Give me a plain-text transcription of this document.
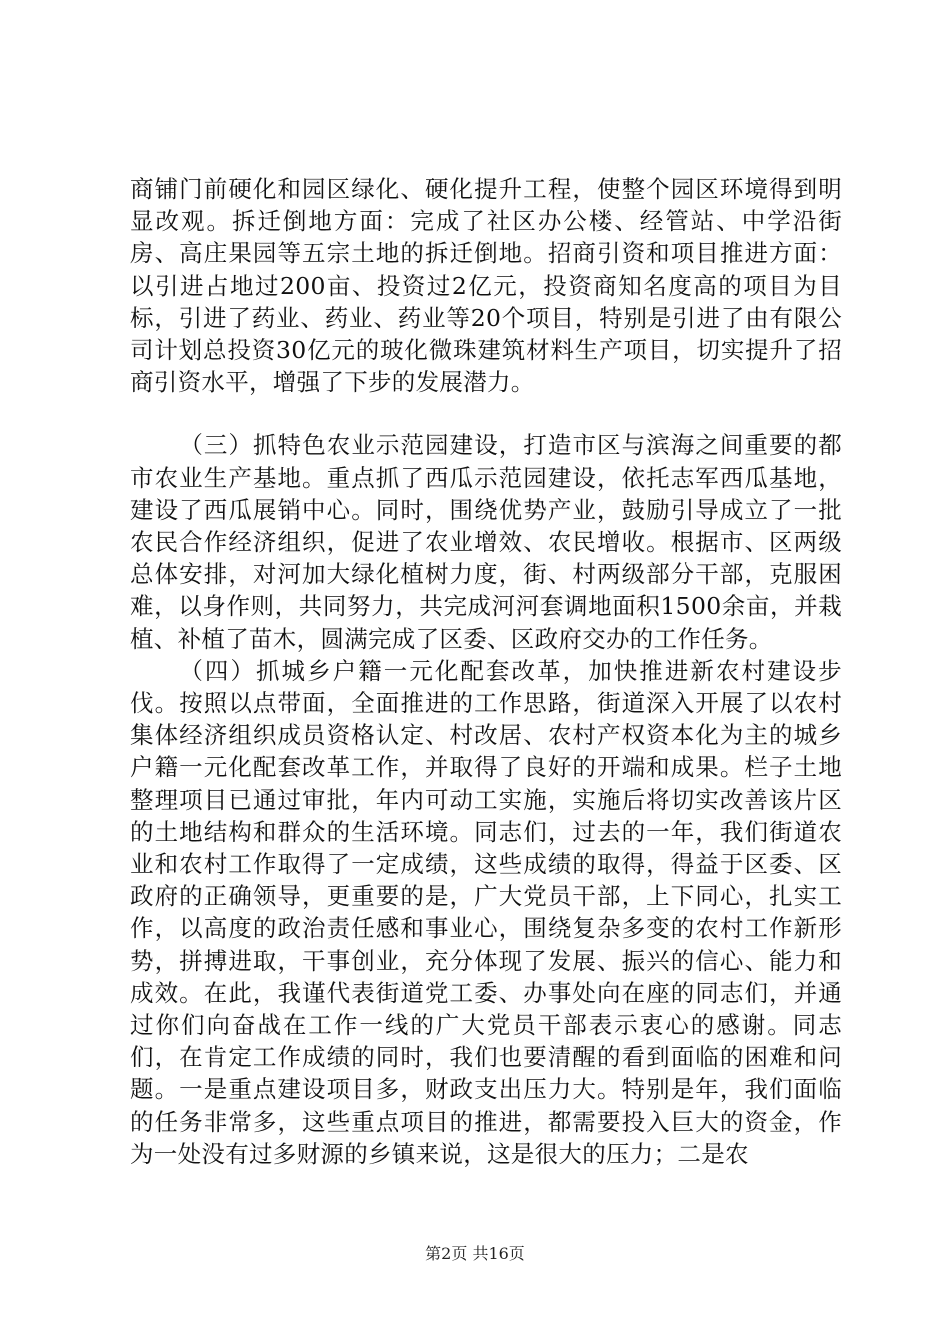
商铺门前硬化和园区绿化、硬化提升工程，使整个园区环境得到明显改观。拆迁倒地方面：完成了社区办公楼、经管站、中学沿街房、高庄果园等五宗土地的拆迁倒地。招商引资和项目推进方面：以引进占地过200亩、投资过2亿元，投资商知名度高的项目为目标，引进了药业、药业、药业等20个项目，特别是引进了由有限公司计划总投资30亿元的玻化微珠建筑材料生产项目，切实提升了招商引资水平，增强了下步的发展潜力。

（三）抓特色农业示范园建设，打造市区与滨海之间重要的都市农业生产基地。重点抓了西瓜示范园建设，依托志军西瓜基地，建设了西瓜展销中心。同时，围绕优势产业，鼓励引导成立了一批农民合作经济组织，促进了农业增效、农民增收。根据市、区两级总体安排，对河加大绿化植树力度，街、村两级部分干部，克服困难，以身作则，共同努力，共完成河河套调地面积1500余亩，并栽植、补植了苗木，圆满完成了区委、区政府交办的工作任务。

（四）抓城乡户籍一元化配套改革，加快推进新农村建设步伐。按照以点带面，全面推进的工作思路，街道深入开展了以农村集体经济组织成员资格认定、村改居、农村产权资本化为主的城乡户籍一元化配套改革工作，并取得了良好的开端和成果。栏子土地整理项目已通过审批，年内可动工实施，实施后将切实改善该片区的土地结构和群众的生活环境。同志们，过去的一年，我们街道农业和农村工作取得了一定成绩，这些成绩的取得，得益于区委、区政府的正确领导，更重要的是，广大党员干部，上下同心，扎实工作，以高度的政治责任感和事业心，围绕复杂多变的农村工作新形势，拼搏进取，干事创业，充分体现了发展、振兴的信心、能力和成效。在此，我谨代表街道党工委、办事处向在座的同志们，并通过你们向奋战在工作一线的广大党员干部表示衷心的感谢。同志们，在肯定工作成绩的同时，我们也要清醒的看到面临的困难和问题。一是重点建设项目多，财政支出压力大。特别是年，我们面临的任务非常多，这些重点项目的推进，都需要投入巨大的资金，作为一处没有过多财源的乡镇来说，这是很大的压力；二是农

第2页 共16页
